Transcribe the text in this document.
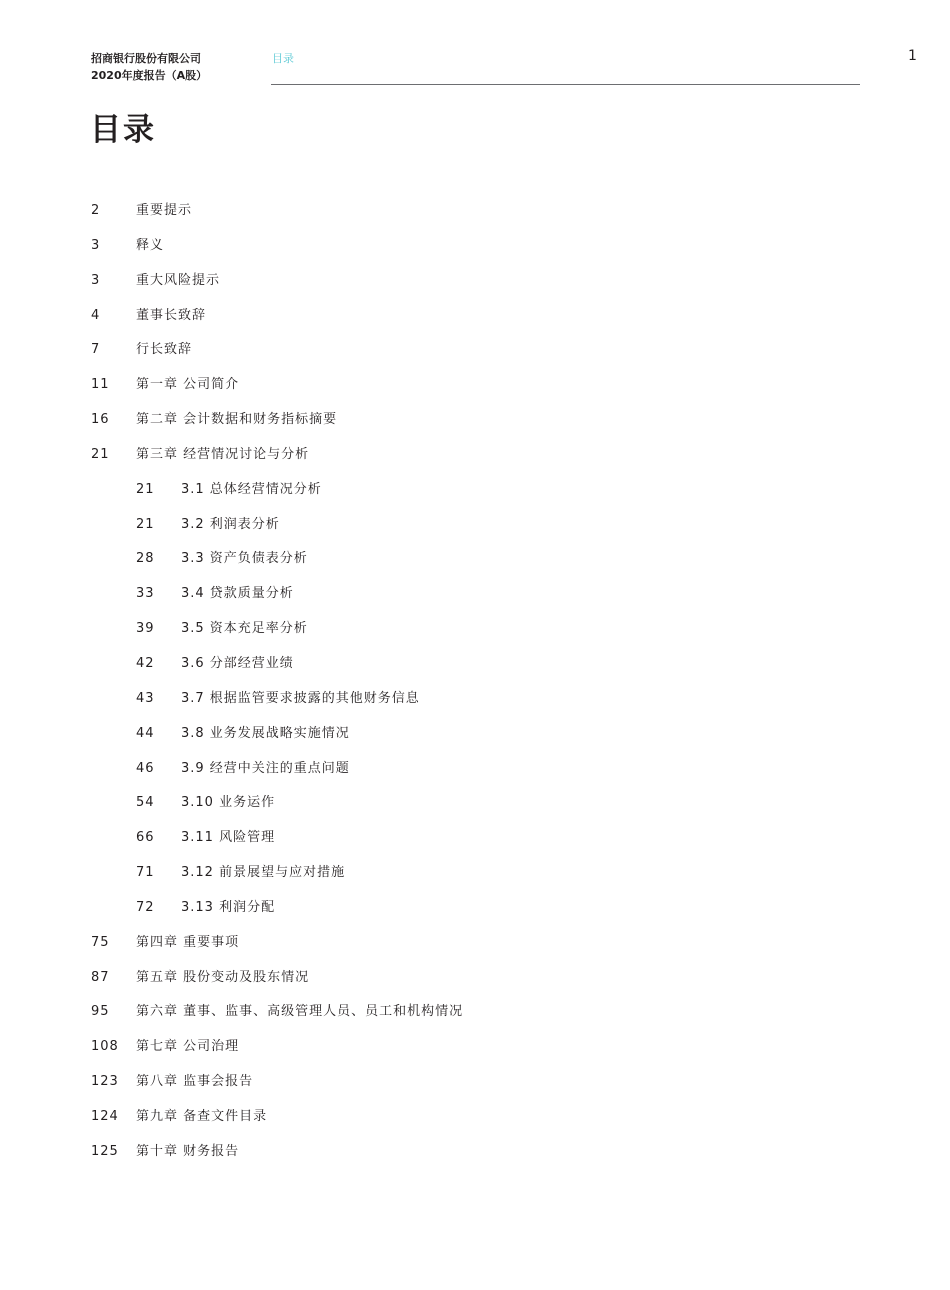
招商银行股份有限公司
2020年度报告（A股）
目录	1
目录
2	重要提示
3	释义
3	重大风险提示
4	董事长致辞
7	行长致辞
11 第一章 公司简介
16 第二章 会计数据和财务指标摘要
21 第三章 经营情况讨论与分析
21 3.1 总体经营情况分析
21 3.2 利润表分析
28 3.3 资产负债表分析
33 3.4 贷款质量分析
39 3.5 资本充足率分析
42 3.6 分部经营业绩
43 3.7 根据监管要求披露的其他财务信息
44 3.8 业务发展战略实施情况
46 3.9 经营中关注的重点问题
54 3.10 业务运作
66 3.11 风险管理
71 3.12 前景展望与应对措施
72 3.13 利润分配
75 第四章 重要事项
87 第五章 股份变动及股东情况
95 第六章 董事、监事、高级管理人员、员工和机构情况
108 第七章 公司治理
123 第八章 监事会报告
124 第九章 备查文件目录
125 第十章 财务报告
